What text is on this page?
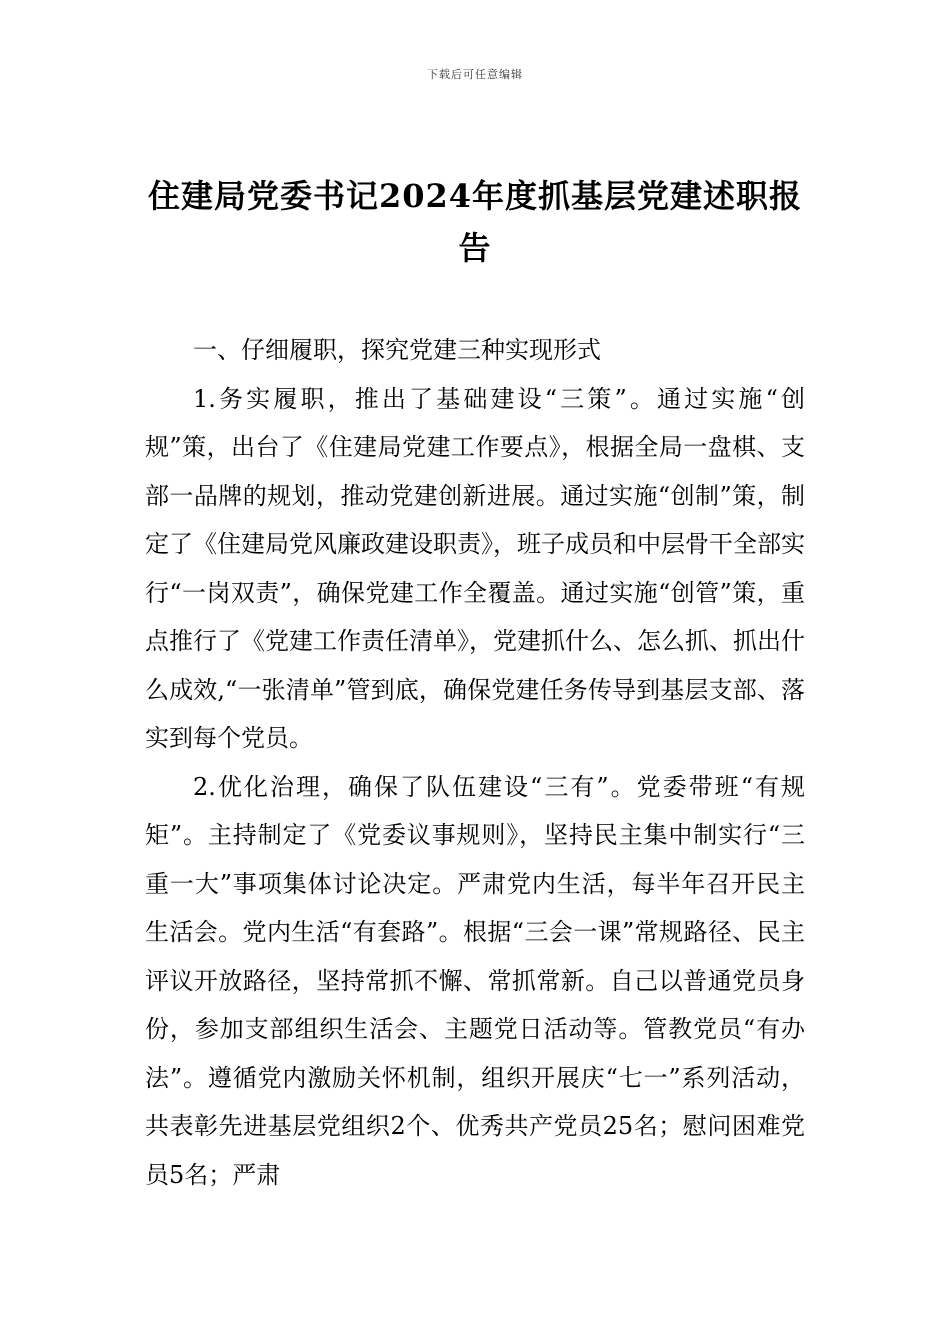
下载后可任意编辑
住建局党委书记2024年度抓基层党建述职报告

一、仔细履职，探究党建三种实现形式

1.务实履职，推出了基础建设“三策”。通过实施“创规”策，出台了《住建局党建工作要点》，根据全局一盘棋、支部一品牌的规划，推动党建创新进展。通过实施“创制”策，制定了《住建局党风廉政建设职责》，班子成员和中层骨干全部实行“一岗双责”，确保党建工作全覆盖。通过实施“创管”策，重点推行了《党建工作责任清单》，党建抓什么、怎么抓、抓出什么成效,“一张清单”管到底，确保党建任务传导到基层支部、落实到每个党员。

2.优化治理，确保了队伍建设“三有”。党委带班“有规矩”。主持制定了《党委议事规则》，坚持民主集中制实行“三重一大”事项集体讨论决定。严肃党内生活，每半年召开民主生活会。党内生活“有套路”。根据“三会一课”常规路径、民主评议开放路径，坚持常抓不懈、常抓常新。自己以普通党员身份，参加支部组织生活会、主题党日活动等。管教党员“有办法”。遵循党内激励关怀机制，组织开展庆“七一”系列活动，共表彰先进基层党组织2个、优秀共产党员25名；慰问困难党员5名；严肃
